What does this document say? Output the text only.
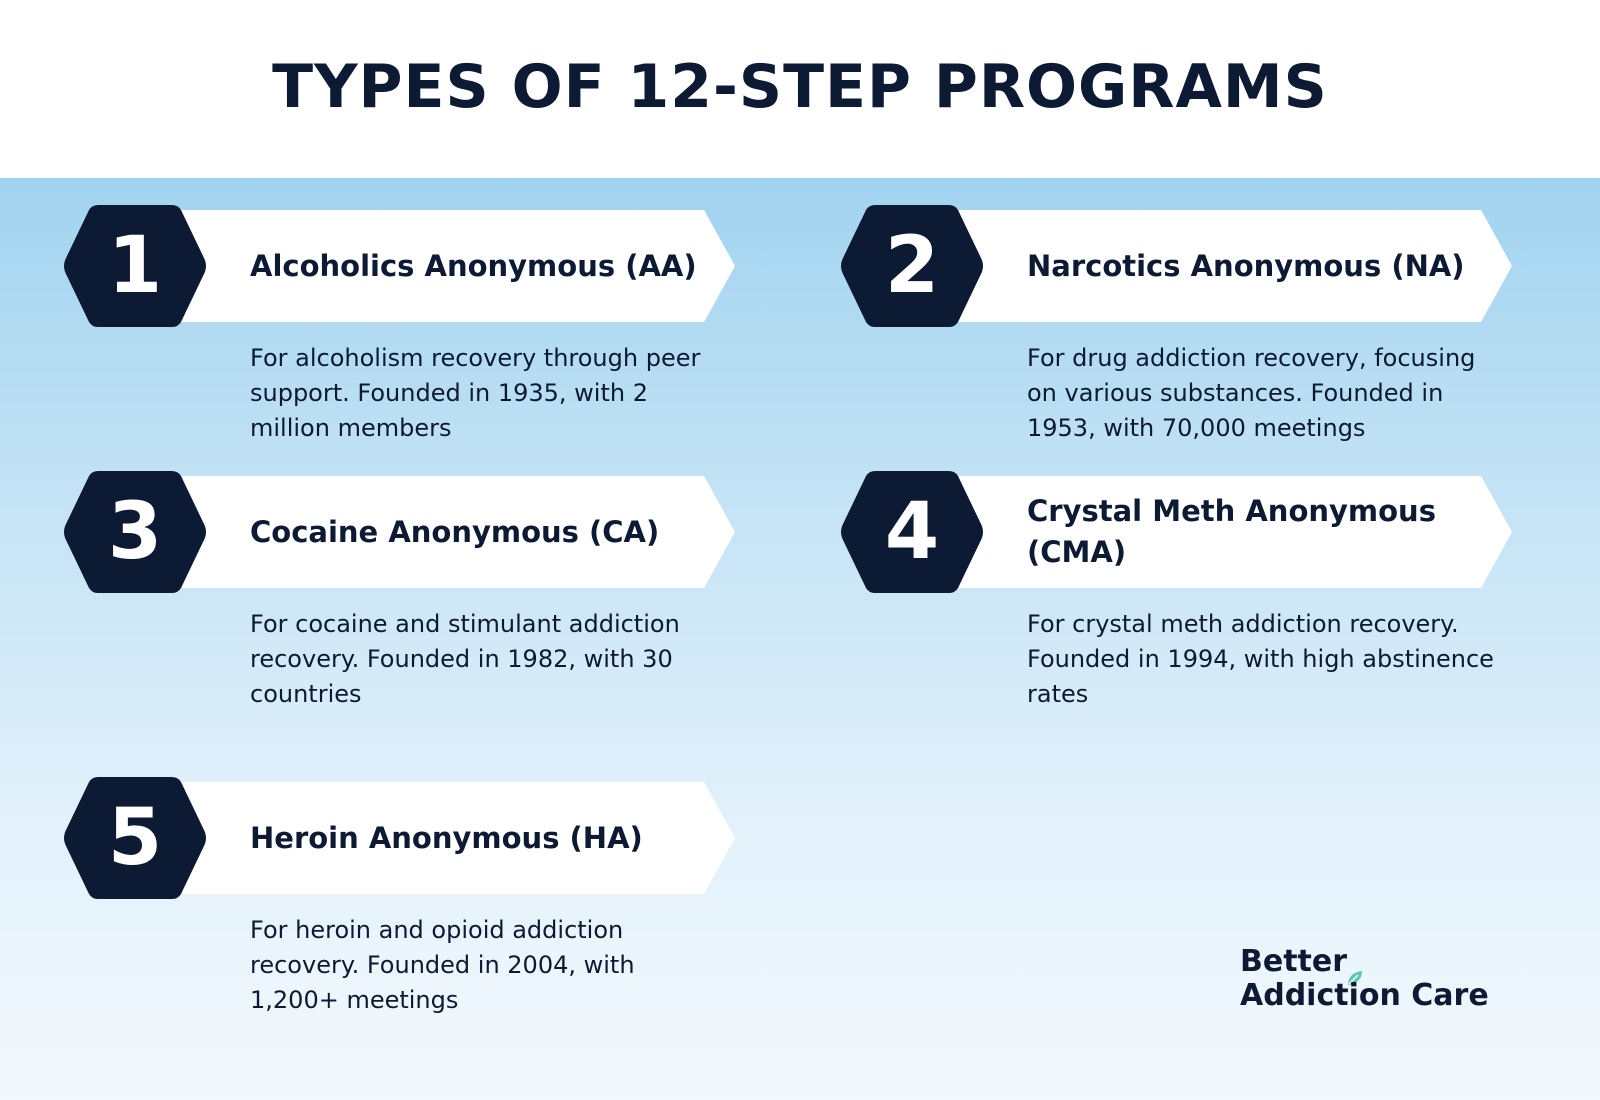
TYPES OF 12-STEP PROGRAMS
1	Alcoholics Anonymous (AA)
For alcoholism recovery through peer support. Founded in 1935, with 2 million members
2	Narcotics Anonymous (NA)
For drug addiction recovery, focusing on various substances. Founded in 1953, with 70,000 meetings
3	Cocaine Anonymous (CA)
For cocaine and stimulant addiction recovery. Founded in 1982, with 30 countries
4	Crystal Meth Anonymous (CMA)
For crystal meth addiction recovery. Founded in 1994, with high abstinence rates
5	Heroin Anonymous (HA)
For heroin and opioid addiction recovery. Founded in 2004, with 1,200+ meetings
Better
Addiction Care
